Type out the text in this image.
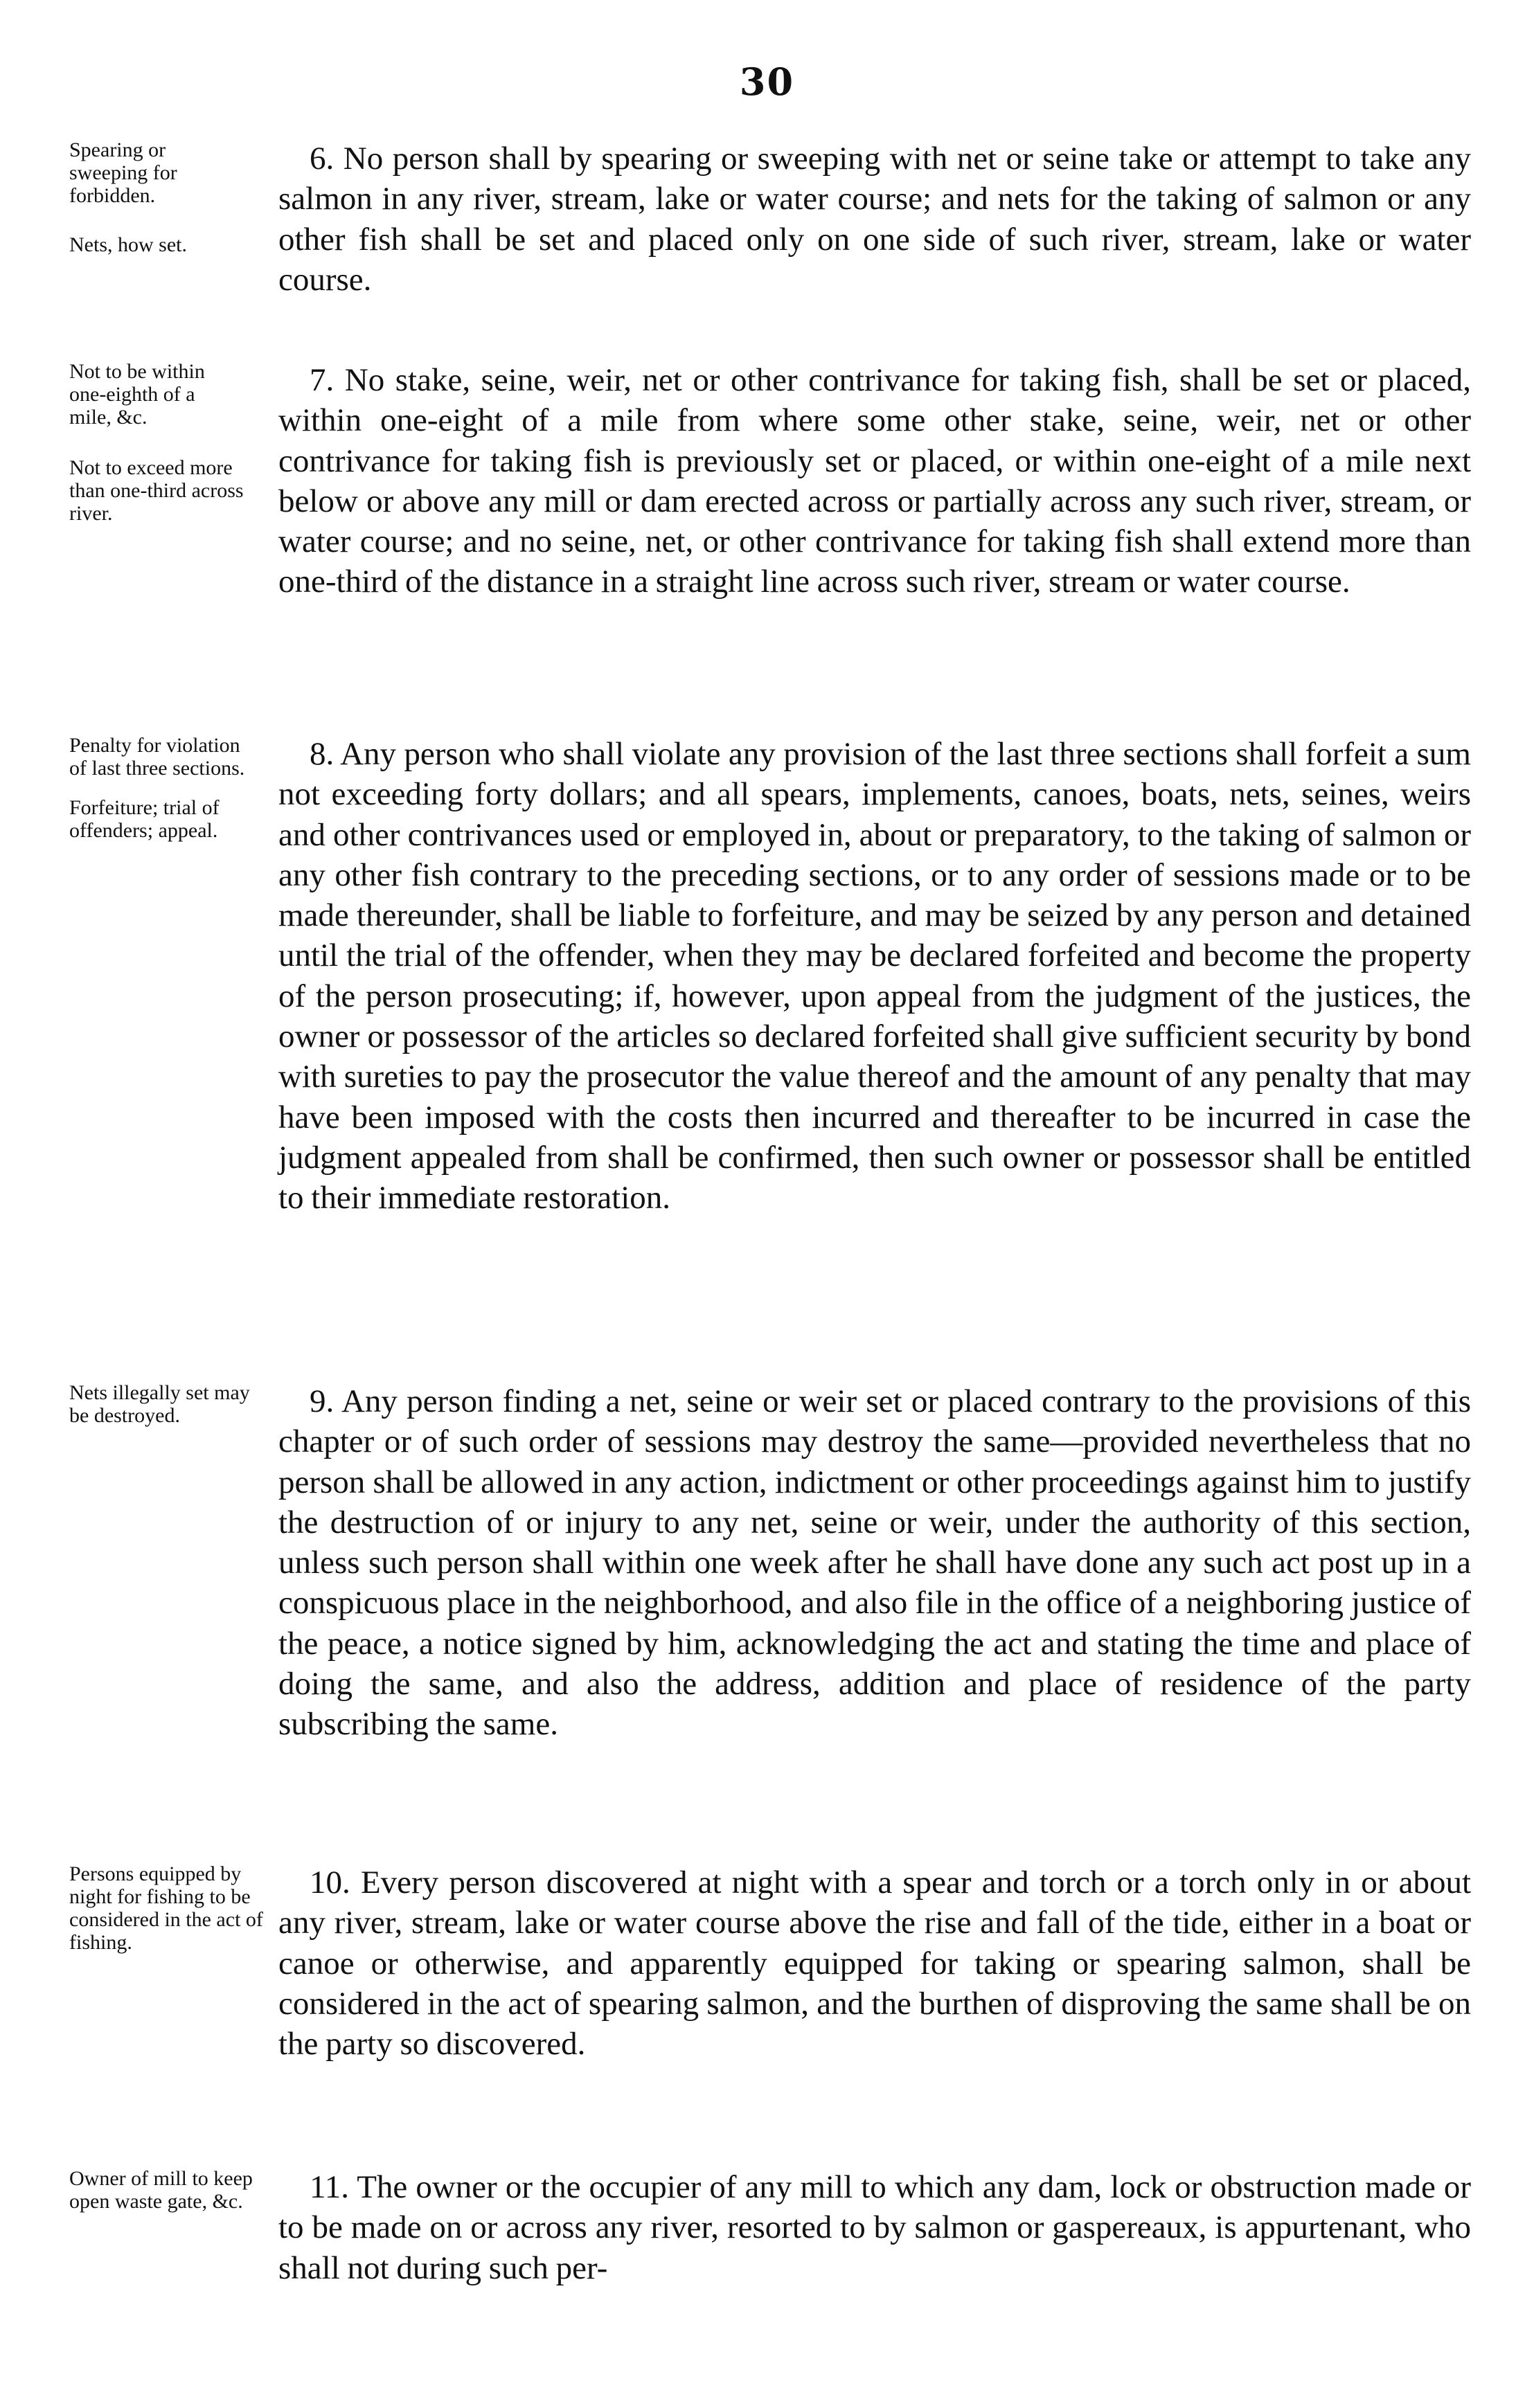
30
Spearing or sweeping for forbidden.
Nets, how set.

6. No person shall by spearing or sweeping with net or seine take or attempt to take any salmon in any river, stream, lake or water course; and nets for the taking of salmon or any other fish shall be set and placed only on one side of such river, stream, lake or water course.

Not to be within one-eighth of a mile, &c.
Not to exceed more than one-third across river.

7. No stake, seine, weir, net or other contrivance for taking fish, shall be set or placed, within one-eight of a mile from where some other stake, seine, weir, net or other contrivance for taking fish is previously set or placed, or within one-eight of a mile next below or above any mill or dam erected across or partially across any such river, stream, or water course; and no seine, net, or other contrivance for taking fish shall extend more than one-third of the distance in a straight line across such river, stream or water course.

Penalty for violation of last three sections.
Forfeiture; trial of offenders; appeal.

8. Any person who shall violate any provision of the last three sections shall forfeit a sum not exceeding forty dollars; and all spears, implements, canoes, boats, nets, seines, weirs and other contrivances used or employed in, about or preparatory, to the taking of salmon or any other fish contrary to the preceding sections, or to any order of sessions made or to be made thereunder, shall be liable to forfeiture, and may be seized by any person and detained until the trial of the offender, when they may be declared forfeited and become the property of the person prosecuting; if, however, upon appeal from the judgment of the justices, the owner or possessor of the articles so declared forfeited shall give sufficient security by bond with sureties to pay the prosecutor the value thereof and the amount of any penalty that may have been imposed with the costs then incurred and thereafter to be incurred in case the judgment appealed from shall be confirmed, then such owner or possessor shall be entitled to their immediate restoration.

Nets illegally set may be destroyed.	9. Any person finding a net, seine or weir set or placed contrary to the provisions of this chapter or of such order of sessions may destroy the same—provided nevertheless that no person shall be allowed in any action, indictment or other proceedings against him to justify the destruction of or injury to any net, seine or weir, under the authority of this section, unless such person shall within one week after he shall have done any such act post up in a conspicuous place in the neighborhood, and also file in the office of a neighboring justice of the peace, a notice signed by him, acknowledging the act and stating the time and place of doing the same, and also the address, addition and place of residence of the party subscribing the same.

Persons equipped by night for fishing to be considered in the act of fishing.

10. Every person discovered at night with a spear and torch or a torch only in or about any river, stream, lake or water course above the rise and fall of the tide, either in a boat or canoe or otherwise, and apparently equipped for taking or spearing salmon, shall be considered in the act of spearing salmon, and the burthen of disproving the same shall be on the party so discovered.

Owner of mill to keep open waste gate, &c.	11. The owner or the occupier of any mill to which any dam, lock or obstruction made or to be made on or across any river, resorted to by salmon or gaspereaux, is appurtenant, who shall not during such per-
